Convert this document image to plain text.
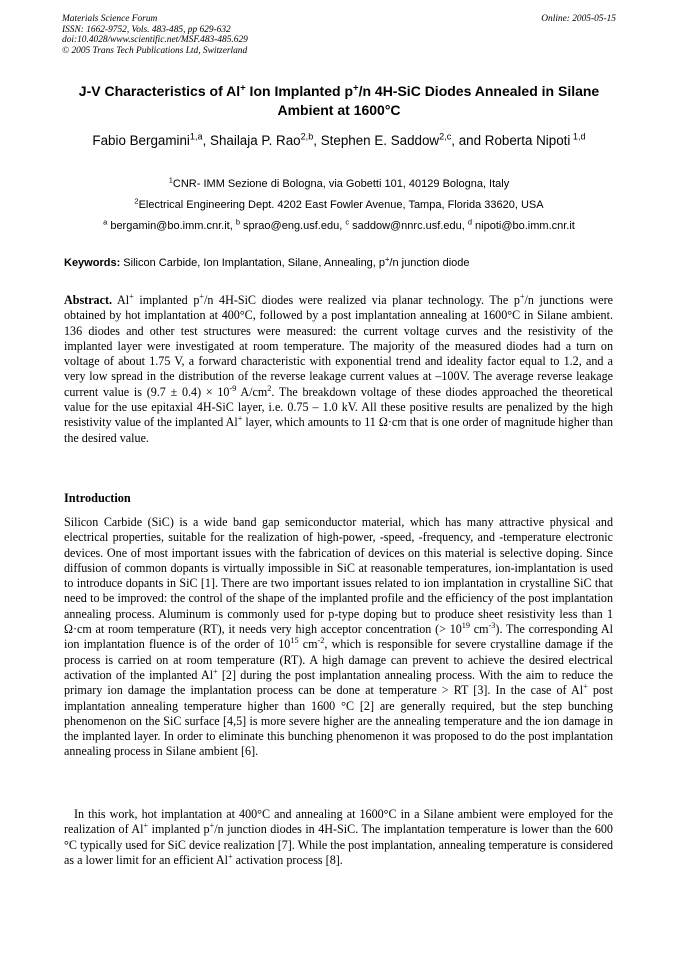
Materials Science Forum
ISSN: 1662-9752, Vols. 483-485, pp 629-632
doi:10.4028/www.scientific.net/MSF.483-485.629
© 2005 Trans Tech Publications Ltd, Switzerland
Online: 2005-05-15
J-V Characteristics of Al+ Ion Implanted p+/n 4H-SiC Diodes Annealed in Silane Ambient at 1600°C
Fabio Bergamini$^{1,a}$, Shailaja P. Rao$^{2,b}$, Stephen E. Saddow$^{2,c}$, and Roberta Nipoti $^{1,d}$
$^1$CNR- IMM Sezione di Bologna, via Gobetti 101, 40129 Bologna, Italy
$^2$Electrical Engineering Dept. 4202 East Fowler Avenue, Tampa, Florida 33620, USA
$^a$ bergamin@bo.imm.cnr.it, $^b$ sprao@eng.usf.edu, $^c$ saddow@nnrc.usf.edu, $^d$ nipoti@bo.imm.cnr.it
Keywords: Silicon Carbide, Ion Implantation, Silane, Annealing, p+/n junction diode
Abstract. Al+ implanted p+/n 4H-SiC diodes were realized via planar technology. The p+/n junctions were obtained by hot implantation at 400°C, followed by a post implantation annealing at 1600°C in Silane ambient. 136 diodes and other test structures were measured: the current voltage curves and the resistivity of the implanted layer were investigated at room temperature. The majority of the measured diodes had a turn on voltage of about 1.75 V, a forward characteristic with exponential trend and ideality factor equal to 1.2, and a very low spread in the distribution of the reverse leakage current values at –100V. The average reverse leakage current value is $(9.7 \pm 0.4) \times 10^{-9}$ $A/cm^2$. The breakdown voltage of these diodes approached the theoretical value for the use epitaxial 4H-SiC layer, i.e. 0.75 – 1.0 kV. All these positive results are penalized by the high resistivity value of the implanted Al+ layer, which amounts to 11 Ω·cm that is one order of magnitude higher than the desired value.
Introduction
Silicon Carbide (SiC) is a wide band gap semiconductor material, which has many attractive physical and electrical properties, suitable for the realization of high-power, -speed, -frequency, and -temperature electronic devices. One of most important issues with the fabrication of devices on this material is selective doping. Since diffusion of common dopants is virtually impossible in SiC at reasonable temperatures, ion-implantation is used to introduce dopants in SiC [1]. There are two important issues related to ion implantation in crystalline SiC that need to be improved: the control of the shape of the implanted profile and the efficiency of the post implantation annealing process. Aluminum is commonly used for p-type doping but to produce sheet resistivity less than 1 Ω·cm at room temperature (RT), it needs very high acceptor concentration (> $10^{19}$ $cm^{-3}$). The corresponding Al ion implantation fluence is of the order of $10^{15}$ $cm^{-2}$, which is responsible for severe crystalline damage if the process is carried on at room temperature (RT). A high damage can prevent to achieve the desired electrical activation of the implanted Al+ [2] during the post implantation annealing process. With the aim to reduce the primary ion damage the implantation process can be done at temperature > RT [3]. In the case of Al+ post implantation annealing temperature higher than 1600 °C [2] are generally required, but the step bunching phenomenon on the SiC surface [4,5] is more severe higher are the annealing temperature and the ion damage in the implanted layer. In order to eliminate this bunching phenomenon it was proposed to do the post implantation annealing process in Silane ambient [6].
In this work, hot implantation at 400°C and annealing at 1600°C in a Silane ambient were employed for the realization of Al+ implanted p+/n junction diodes in 4H-SiC. The implantation temperature is lower than the 600 °C typically used for SiC device realization [7]. While the post implantation, annealing temperature is considered as a lower limit for an efficient Al+ activation process [8].
